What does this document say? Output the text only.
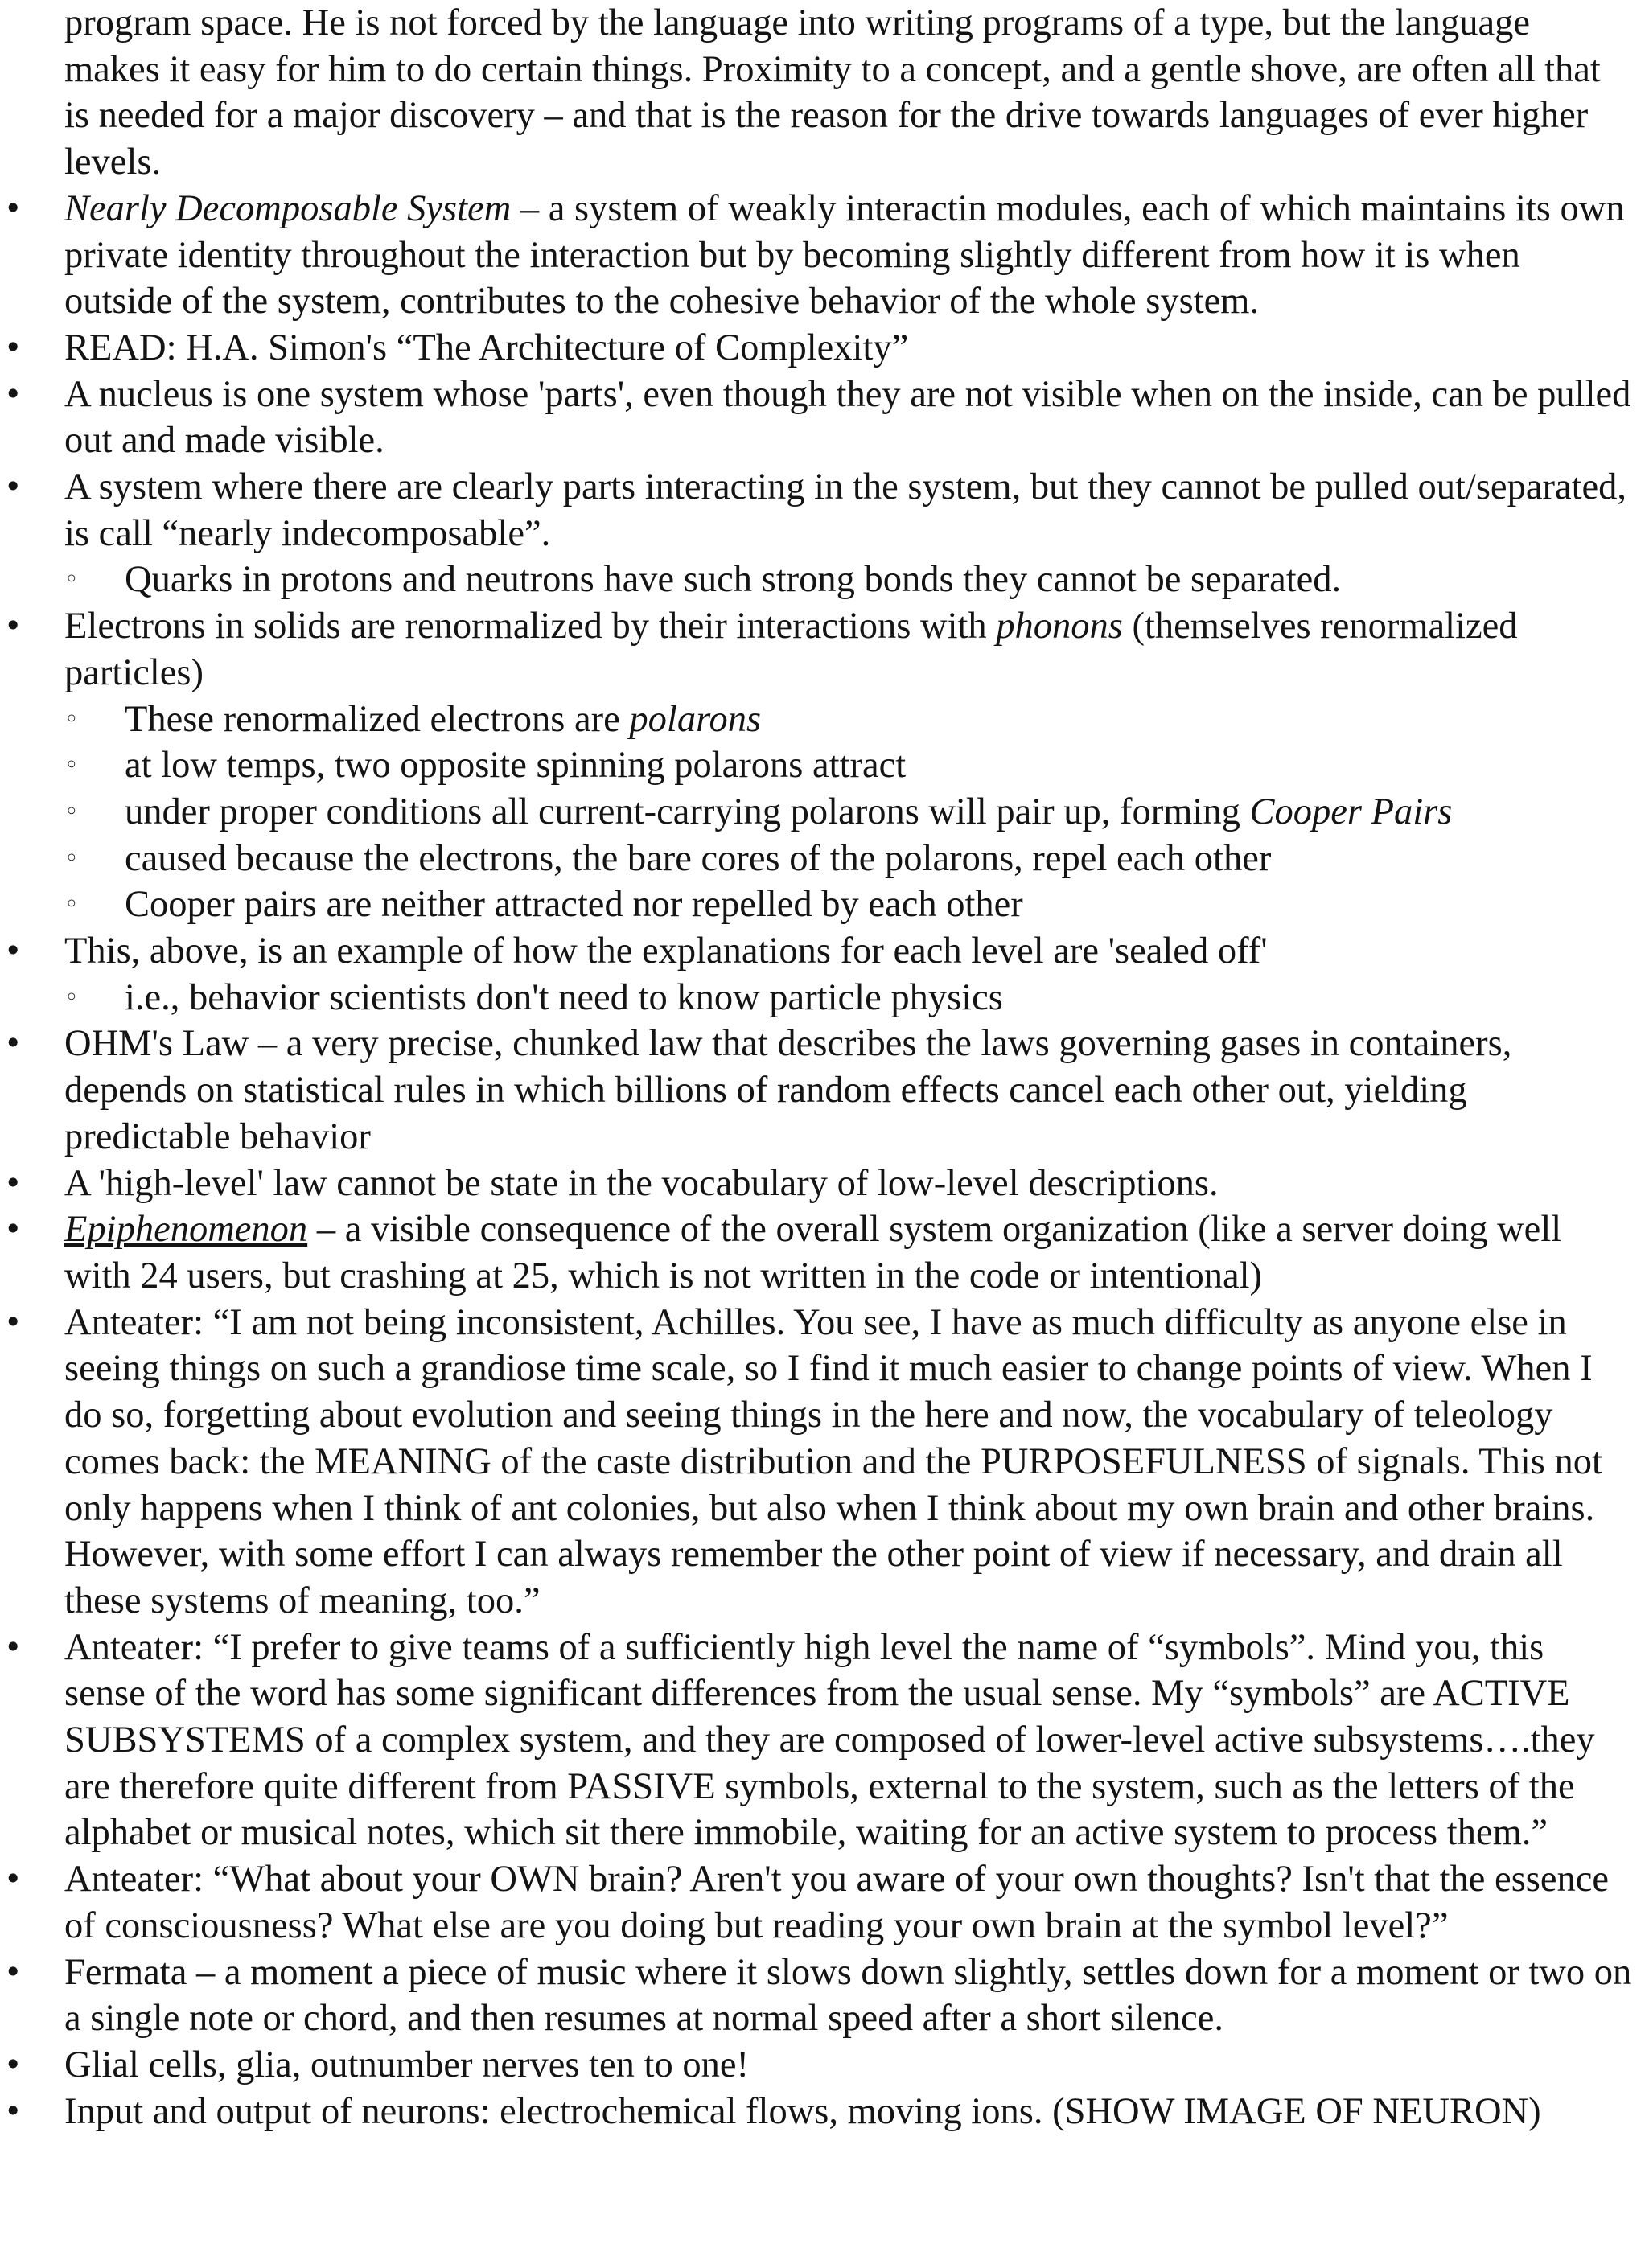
program space. He is not forced by the language into writing programs of a type, but the language makes it easy for him to do certain things. Proximity to a concept, and a gentle shove, are often all that is needed for a major discovery – and that is the reason for the drive towards languages of ever higher levels.

•	Nearly Decomposable System – a system of weakly interactin modules, each of which maintains its own private identity throughout the interaction but by becoming slightly different from how it is when outside of the system, contributes to the cohesive behavior of the whole system.
•	READ: H.A. Simon's “The Architecture of Complexity”
•	A nucleus is one system whose 'parts', even though they are not visible when on the inside, can be pulled out and made visible.
•	A system where there are clearly parts interacting in the system, but they cannot be pulled out/separated, is call “nearly indecomposable”.
◦ Quarks in protons and neutrons have such strong bonds they cannot be separated.
•	Electrons in solids are renormalized by their interactions with phonons (themselves renormalized particles)
◦ These renormalized electrons are polarons
◦ at low temps, two opposite spinning polarons attract
◦ under proper conditions all current-carrying polarons will pair up, forming Cooper Pairs
◦ caused because the electrons, the bare cores of the polarons, repel each other
◦ Cooper pairs are neither attracted nor repelled by each other
•	This, above, is an example of how the explanations for each level are 'sealed off'
◦ i.e., behavior scientists don't need to know particle physics
•	OHM's Law – a very precise, chunked law that describes the laws governing gases in containers, depends on statistical rules in which billions of random effects cancel each other out, yielding predictable behavior
•	A 'high-level' law cannot be state in the vocabulary of low-level descriptions.
•	Epiphenomenon – a visible consequence of the overall system organization (like a server doing well with 24 users, but crashing at 25, which is not written in the code or intentional)
•	Anteater: “I am not being inconsistent, Achilles. You see, I have as much difficulty as anyone else in seeing things on such a grandiose time scale, so I find it much easier to change points of view. When I do so, forgetting about evolution and seeing things in the here and now, the vocabulary of teleology comes back: the MEANING of the caste distribution and the PURPOSEFULNESS of signals. This not only happens when I think of ant colonies, but also when I think about my own brain and other brains. However, with some effort I can always remember the other point of view if necessary, and drain all these systems of meaning, too.”
•	Anteater: “I prefer to give teams of a sufficiently high level the name of “symbols”. Mind you, this sense of the word has some significant differences from the usual sense. My “symbols” are ACTIVE SUBSYSTEMS of a complex system, and they are composed of lower-level active subsystems….they are therefore quite different from PASSIVE symbols, external to the system, such as the letters of the alphabet or musical notes, which sit there immobile, waiting for an active system to process them.”
•	Anteater: “What about your OWN brain? Aren't you aware of your own thoughts? Isn't that the essence of consciousness? What else are you doing but reading your own brain at the symbol level?”
•	Fermata – a moment a piece of music where it slows down slightly, settles down for a moment or two on a single note or chord, and then resumes at normal speed after a short silence.
•	Glial cells, glia, outnumber nerves ten to one!
•	Input and output of neurons: electrochemical flows, moving ions. (SHOW IMAGE OF NEURON)
